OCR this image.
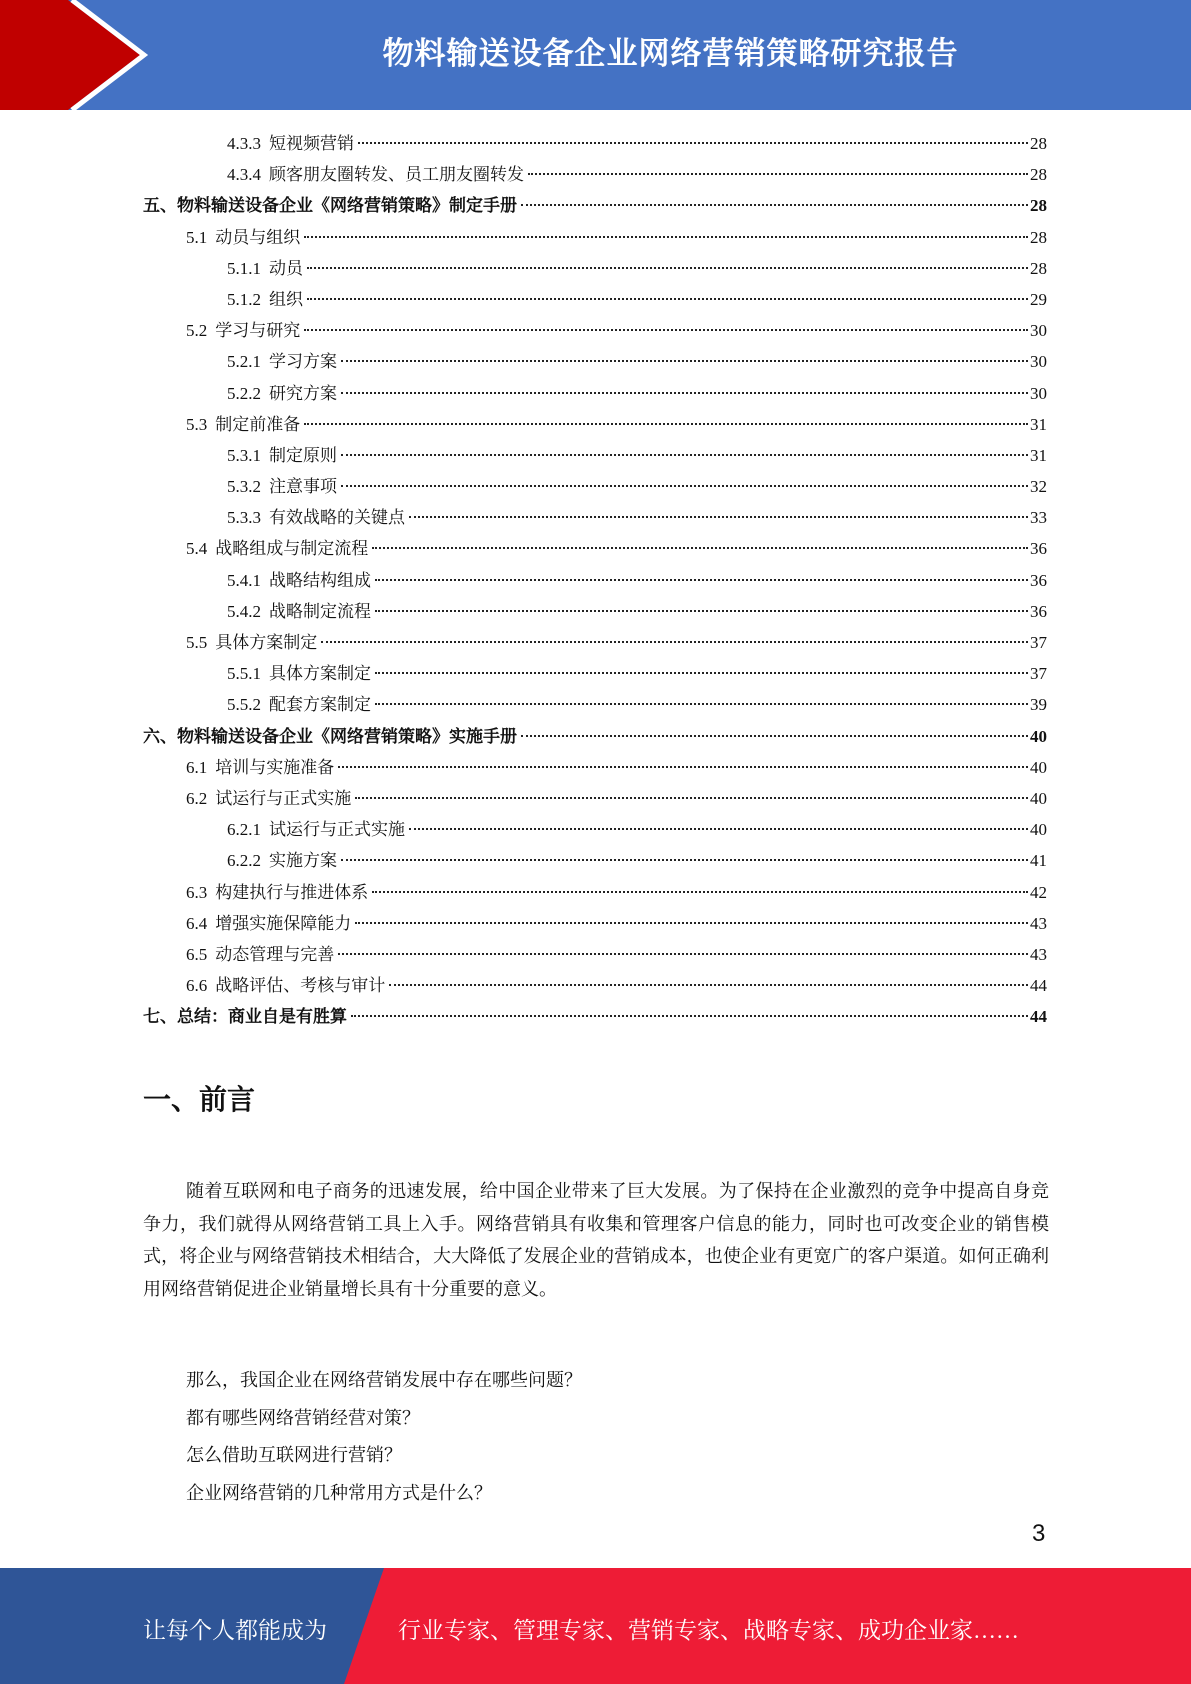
物料输送设备企业网络营销策略研究报告
4.3.3 短视频营销	28
4.3.4 顾客朋友圈转发、员工朋友圈转发	28
五、物料输送设备企业《网络营销策略》制定手册	28
5.1 动员与组织	28
5.1.1 动员	28
5.1.2 组织	29
5.2 学习与研究	30
5.2.1 学习方案	30
5.2.2 研究方案	30
5.3 制定前准备	31
5.3.1 制定原则	31
5.3.2 注意事项	32
5.3.3 有效战略的关键点	33
5.4 战略组成与制定流程	36
5.4.1 战略结构组成	36
5.4.2 战略制定流程	36
5.5 具体方案制定	37
5.5.1 具体方案制定	37
5.5.2 配套方案制定	39
六、物料输送设备企业《网络营销策略》实施手册	40
6.1 培训与实施准备	40
6.2 试运行与正式实施	40
6.2.1 试运行与正式实施	40
6.2.2 实施方案	41
6.3 构建执行与推进体系	42
6.4 增强实施保障能力	43
6.5 动态管理与完善	43
6.6 战略评估、考核与审计	44
七、总结：商业自是有胜算	44
一、前言
随着互联网和电子商务的迅速发展，给中国企业带来了巨大发展。为了保持在企业激烈的竞争中提高自身竞争力，我们就得从网络营销工具上入手。网络营销具有收集和管理客户信息的能力，同时也可改变企业的销售模式，将企业与网络营销技术相结合，大大降低了发展企业的营销成本，也使企业有更宽广的客户渠道。如何正确利用网络营销促进企业销量增长具有十分重要的意义。
那么，我国企业在网络营销发展中存在哪些问题？
都有哪些网络营销经营对策？
怎么借助互联网进行营销？
企业网络营销的几种常用方式是什么？
3
让每个人都能成为	行业专家、管理专家、营销专家、战略专家、成功企业家……
